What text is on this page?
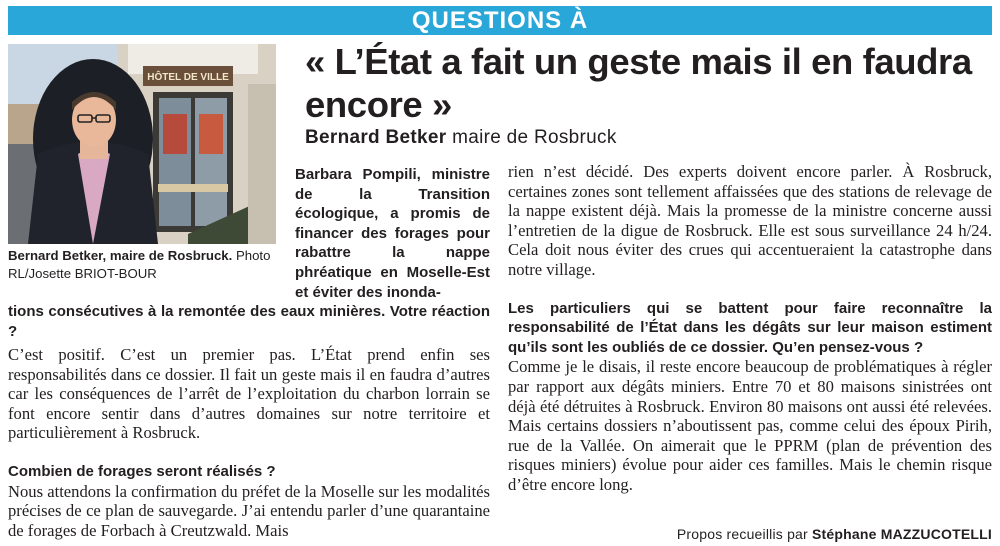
QUESTIONS À
HÔTEL DE VILLE
Bernard Betker, maire de Rosbruck. Photo
RL/Josette BRIOT-BOUR
« L’État a fait un geste mais il en faudra encore »
Bernard Betker maire de Rosbruck
Barbara Pompili, ministre de la Transition écologique, a promis de financer des forages pour rabattre la nappe phréatique en Moselle-Est et éviter des inonda-
tions consécutives à la remontée des eaux minières. Votre réaction ?

C’est positif. C’est un premier pas. L’État prend enfin ses responsabilités dans ce dossier. Il fait un geste mais il en faudra d’autres car les conséquences de l’arrêt de l’exploitation du charbon lorrain se font encore sentir dans d’autres domaines sur notre territoire et particulièrement à Rosbruck.

Combien de forages seront réalisés ?

Nous attendons la confirmation du préfet de la Moselle sur les modalités précises de ce plan de sauvegarde. J’ai entendu parler d’une quarantaine de forages de Forbach à Creutzwald. Mais

rien n’est décidé. Des experts doivent encore parler. À Rosbruck, certaines zones sont tellement affaissées que des stations de relevage de la nappe existent déjà. Mais la promesse de la ministre concerne aussi l’entretien de la digue de Rosbruck. Elle est sous surveillance 24 h/24. Cela doit nous éviter des crues qui accentueraient la catastrophe dans notre village.

Les particuliers qui se battent pour faire reconnaître la responsabilité de l’État dans les dégâts sur leur maison estiment qu’ils sont les oubliés de ce dossier. Qu’en pensez-vous ?

Comme je le disais, il reste encore beaucoup de problématiques à régler par rapport aux dégâts miniers. Entre 70 et 80 maisons sinistrées ont déjà été détruites à Rosbruck. Environ 80 maisons ont aussi été relevées. Mais certains dossiers n’aboutissent pas, comme celui des époux Pirih, rue de la Vallée. On aimerait que le PPRM (plan de prévention des risques miniers) évolue pour aider ces familles. Mais le chemin risque d’être encore long.

Propos recueillis par Stéphane MAZZUCOTELLI
